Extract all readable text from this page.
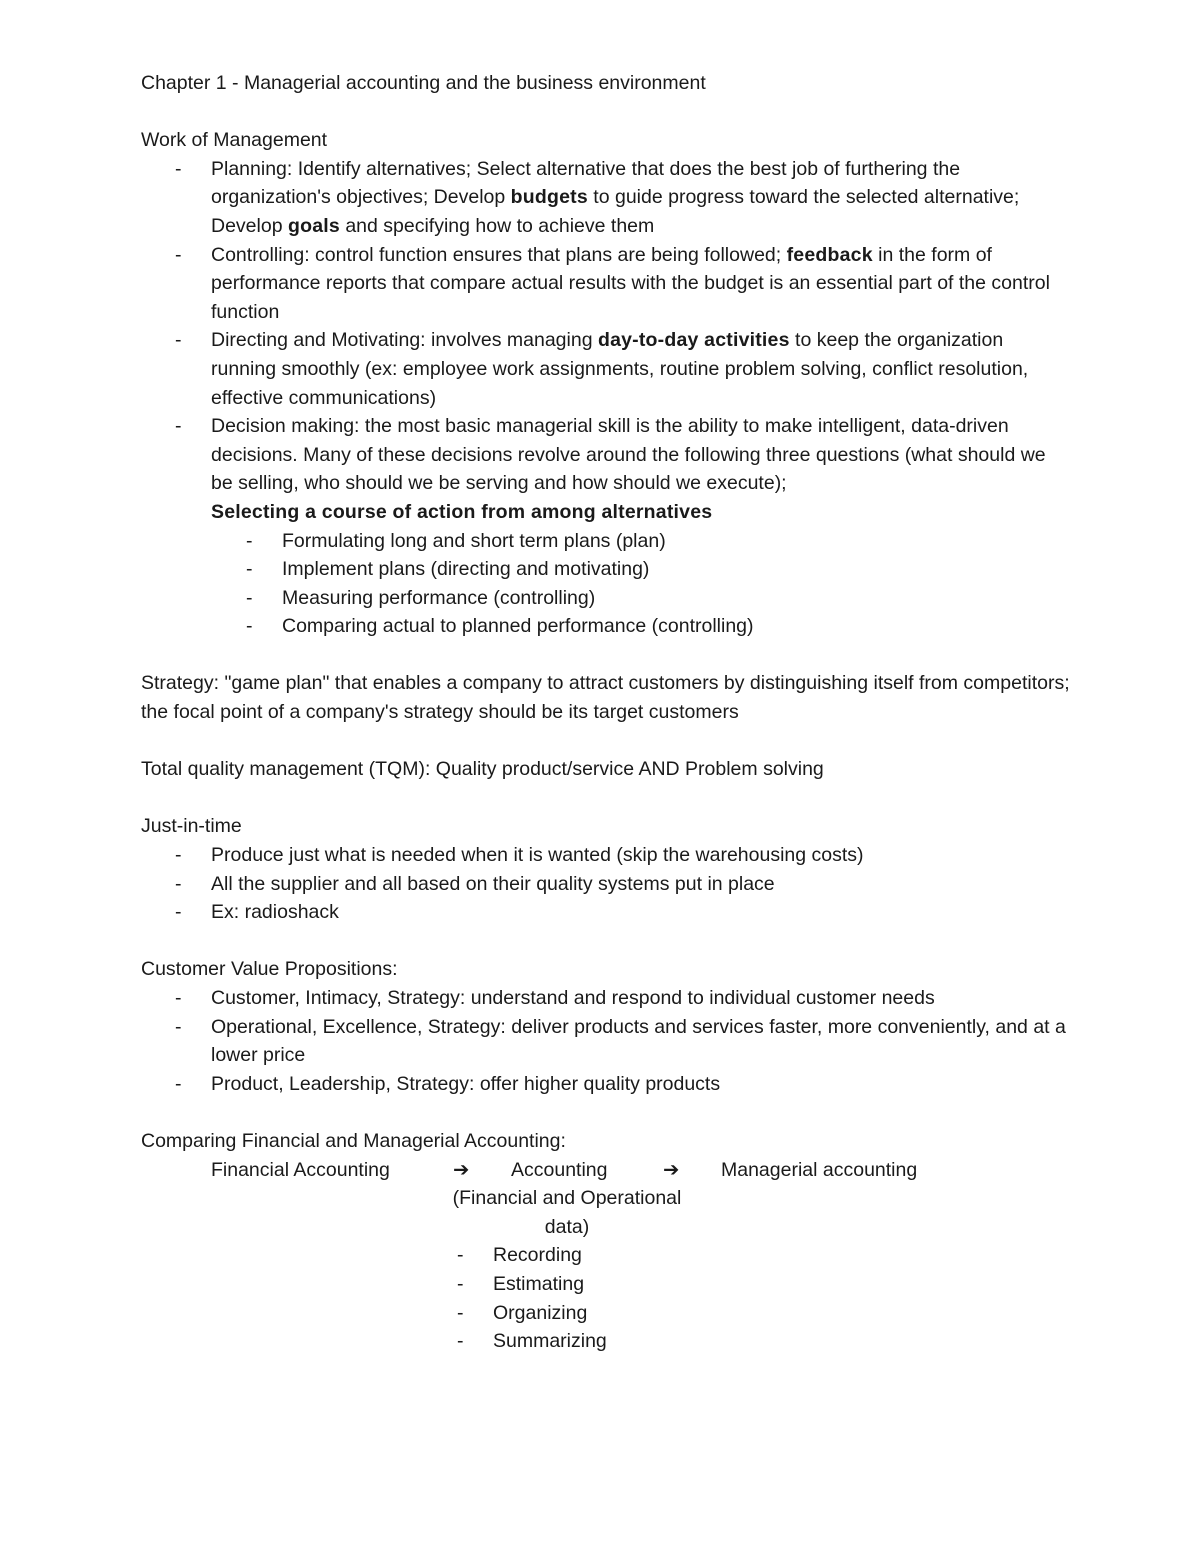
Chapter 1 - Managerial accounting and the business environment

Work of Management

- Planning: Identify alternatives; Select alternative that does the best job of furthering the organization's objectives; Develop budgets to guide progress toward the selected alternative; Develop goals and specifying how to achieve them
- Controlling: control function ensures that plans are being followed; feedback in the form of performance reports that compare actual results with the budget is an essential part of the control function
- Directing and Motivating: involves managing day-to-day activities to keep the organization running smoothly (ex: employee work assignments, routine problem solving, conflict resolution, effective communications)
- Decision making: the most basic managerial skill is the ability to make intelligent, data-driven decisions. Many of these decisions revolve around the following three questions (what should we be selling, who should we be serving and how should we execute);
Selecting a course of action from among alternatives
- Formulating long and short term plans (plan)
- Implement plans (directing and motivating)
- Measuring performance (controlling)
- Comparing actual to planned performance (controlling)

Strategy: "game plan" that enables a company to attract customers by distinguishing itself from competitors; the focal point of a company's strategy should be its target customers

Total quality management (TQM): Quality product/service AND Problem solving

Just-in-time

- Produce just what is needed when it is wanted (skip the warehousing costs)
- All the supplier and all based on their quality systems put in place
- Ex: radioshack

Customer Value Propositions:

- Customer, Intimacy, Strategy: understand and respond to individual customer needs
- Operational, Excellence, Strategy: deliver products and services faster, more conveniently, and at a lower price
- Product, Leadership, Strategy: offer higher quality products

Comparing Financial and Managerial Accounting:

Financial Accounting	➔ Accounting	➔ Managerial accounting
(Financial and Operational data)
- Recording
- Estimating
- Organizing
- Summarizing
